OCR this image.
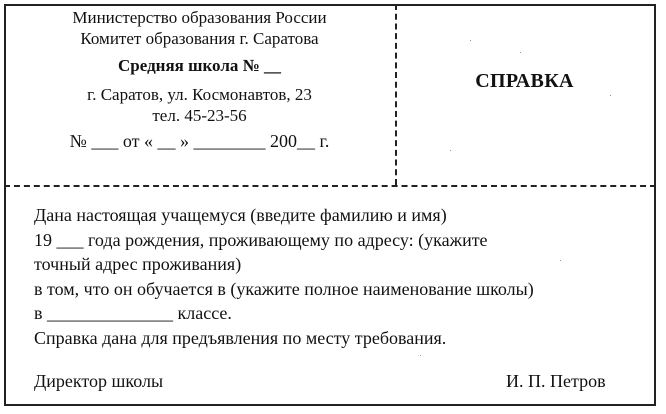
Министерство образования России

Комитет образования г. Саратова

Средняя школа № __

г. Саратов, ул. Космонавтов, 23

тел. 45-23-56

№ ___ от « __ » ________ 200__ г.

СПРАВКА
Дана настоящая учащемуся (введите фамилию и имя)
19 ___ года рождения, проживающему по адресу: (укажите
точный адрес проживания)
в том, что он обучается в (укажите полное наименование школы)
в ______________ классе.
Справка дана для предъявления по месту требования.
Директор школы	И. П. Петров
